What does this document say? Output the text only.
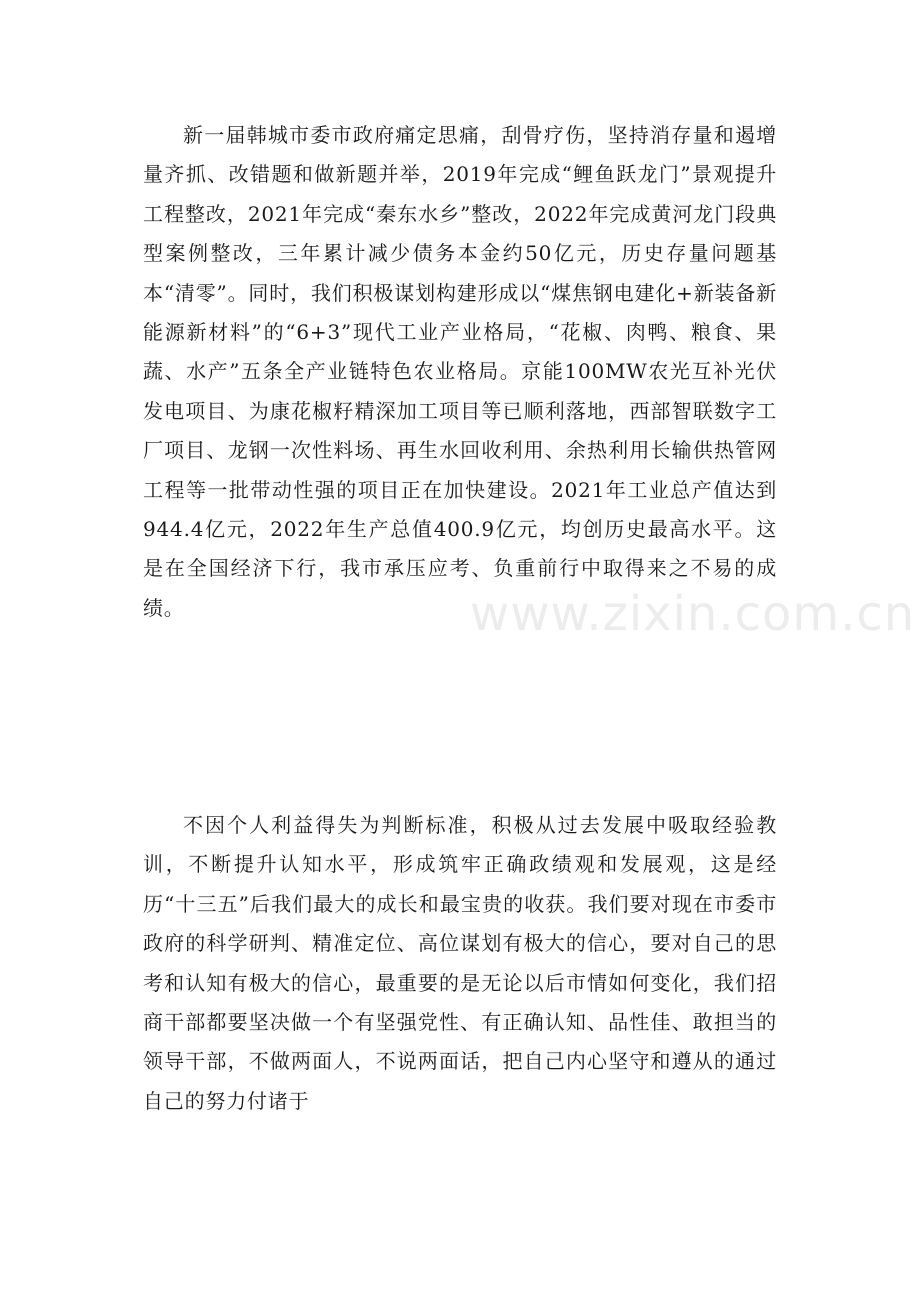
新一届韩城市委市政府痛定思痛，刮骨疗伤，坚持消存量和遏增量齐抓、改错题和做新题并举，2019年完成“鲤鱼跃龙门”景观提升工程整改，2021年完成“秦东水乡”整改，2022年完成黄河龙门段典型案例整改，三年累计减少债务本金约50亿元，历史存量问题基本“清零”。同时，我们积极谋划构建形成以“煤焦钢电建化+新装备新能源新材料”的“6+3”现代工业产业格局，“花椒、肉鸭、粮食、果蔬、水产”五条全产业链特色农业格局。京能100MW农光互补光伏发电项目、为康花椒籽精深加工项目等已顺利落地，西部智联数字工厂项目、龙钢一次性料场、再生水回收利用、余热利用长输供热管网工程等一批带动性强的项目正在加快建设。2021年工业总产值达到944.4亿元，2022年生产总值400.9亿元，均创历史最高水平。这是在全国经济下行，我市承压应考、负重前行中取得来之不易的成绩。

不因个人利益得失为判断标准，积极从过去发展中吸取经验教训，不断提升认知水平，形成筑牢正确政绩观和发展观，这是经历“十三五”后我们最大的成长和最宝贵的收获。我们要对现在市委市政府的科学研判、精准定位、高位谋划有极大的信心，要对自己的思考和认知有极大的信心，最重要的是无论以后市情如何变化，我们招商干部都要坚决做一个有坚强党性、有正确认知、品性佳、敢担当的领导干部，不做两面人，不说两面话，把自己内心坚守和遵从的通过自己的努力付诸于

www.zixin.com.cn
